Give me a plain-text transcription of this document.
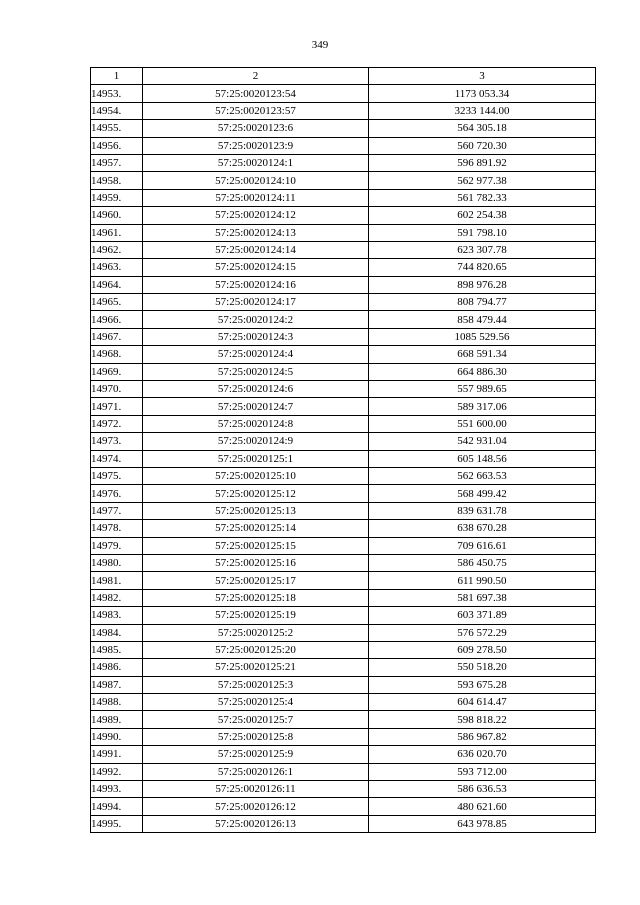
349
1	2	3
14953.	57:25:0020123:54	1173 053.34
14954.	57:25:0020123:57	3233 144.00
14955.	57:25:0020123:6	564 305.18
14956.	57:25:0020123:9	560 720.30
14957.	57:25:0020124:1	596 891.92
14958.	57:25:0020124:10	562 977.38
14959.	57:25:0020124:11	561 782.33
14960.	57:25:0020124:12	602 254.38
14961.	57:25:0020124:13	591 798.10
14962.	57:25:0020124:14	623 307.78
14963.	57:25:0020124:15	744 820.65
14964.	57:25:0020124:16	898 976.28
14965.	57:25:0020124:17	808 794.77
14966.	57:25:0020124:2	858 479.44
14967.	57:25:0020124:3	1085 529.56
14968.	57:25:0020124:4	668 591.34
14969.	57:25:0020124:5	664 886.30
14970.	57:25:0020124:6	557 989.65
14971.	57:25:0020124:7	589 317.06
14972.	57:25:0020124:8	551 600.00
14973.	57:25:0020124:9	542 931.04
14974.	57:25:0020125:1	605 148.56
14975.	57:25:0020125:10	562 663.53
14976.	57:25:0020125:12	568 499.42
14977.	57:25:0020125:13	839 631.78
14978.	57:25:0020125:14	638 670.28
14979.	57:25:0020125:15	709 616.61
14980.	57:25:0020125:16	586 450.75
14981.	57:25:0020125:17	611 990.50
14982.	57:25:0020125:18	581 697.38
14983.	57:25:0020125:19	603 371.89
14984.	57:25:0020125:2	576 572.29
14985.	57:25:0020125:20	609 278.50
14986.	57:25:0020125:21	550 518.20
14987.	57:25:0020125:3	593 675.28
14988.	57:25:0020125:4	604 614.47
14989.	57:25:0020125:7	598 818.22
14990.	57:25:0020125:8	586 967.82
14991.	57:25:0020125:9	636 020.70
14992.	57:25:0020126:1	593 712.00
14993.	57:25:0020126:11	586 636.53
14994.	57:25:0020126:12	480 621.60
14995.	57:25:0020126:13	643 978.85
